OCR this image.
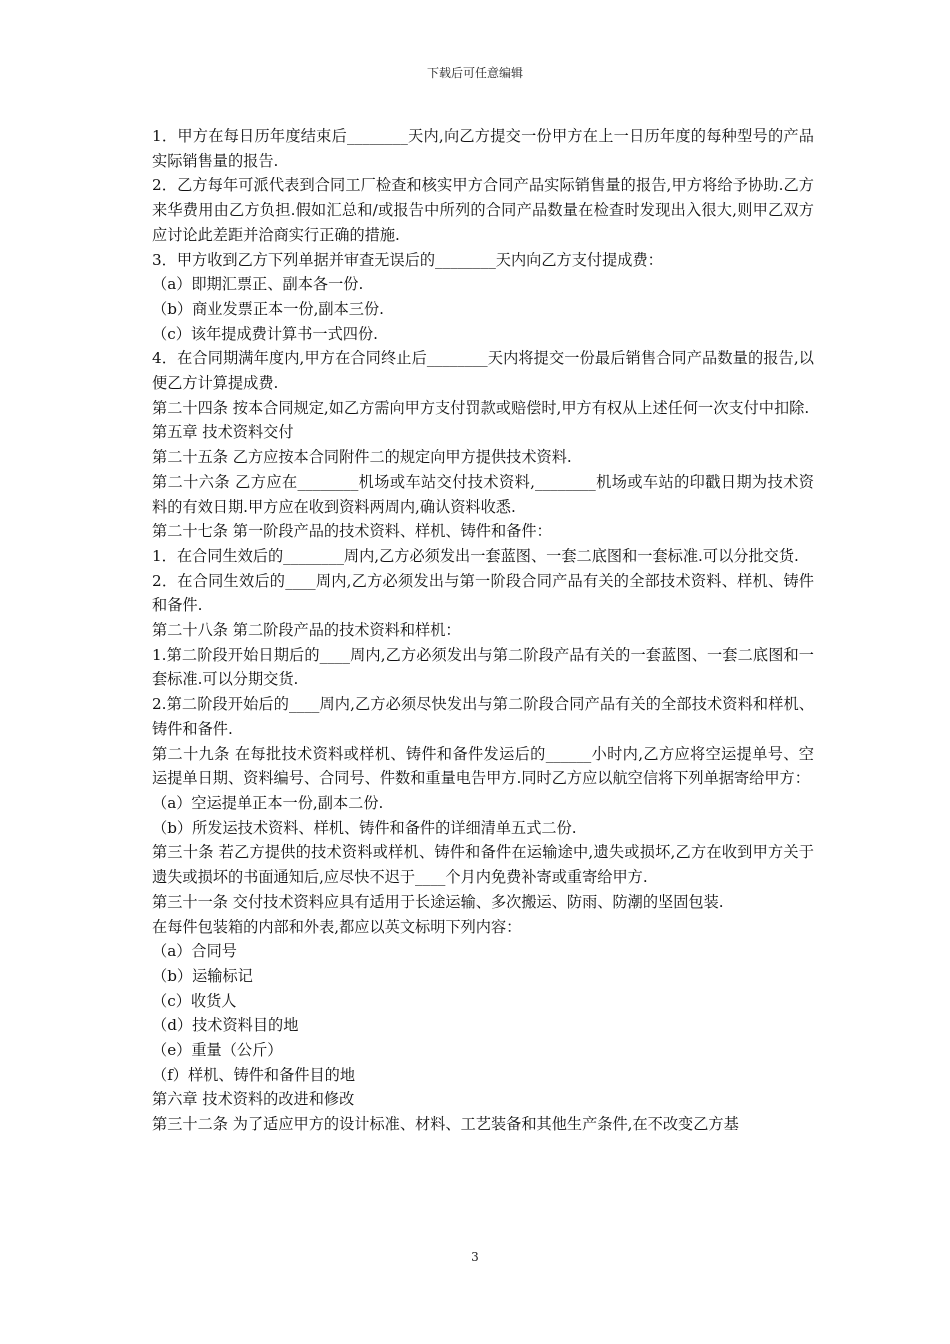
下载后可任意编辑

1．甲方在每日历年度结束后________天内,向乙方提交一份甲方在上一日历年度的每种型号的产品实际销售量的报告.

2．乙方每年可派代表到合同工厂检查和核实甲方合同产品实际销售量的报告,甲方将给予协助.乙方来华费用由乙方负担.假如汇总和/或报告中所列的合同产品数量在检查时发现出入很大,则甲乙双方应讨论此差距并洽商实行正确的措施.

3．甲方收到乙方下列单据并审查无误后的________天内向乙方支付提成费：

（a）即期汇票正、副本各一份.

（b）商业发票正本一份,副本三份.

（c）该年提成费计算书一式四份.

4．在合同期满年度内,甲方在合同终止后________天内将提交一份最后销售合同产品数量的报告,以便乙方计算提成费.

第二十四条 按本合同规定,如乙方需向甲方支付罚款或赔偿时,甲方有权从上述任何一次支付中扣除.

第五章 技术资料交付

第二十五条 乙方应按本合同附件二的规定向甲方提供技术资料.

第二十六条 乙方应在________机场或车站交付技术资料,________机场或车站的印戳日期为技术资料的有效日期.甲方应在收到资料两周内,确认资料收悉.

第二十七条 第一阶段产品的技术资料、样机、铸件和备件：

1．在合同生效后的________周内,乙方必须发出一套蓝图、一套二底图和一套标准.可以分批交货.

2．在合同生效后的____周内,乙方必须发出与第一阶段合同产品有关的全部技术资料、样机、铸件和备件.

第二十八条 第二阶段产品的技术资料和样机：

1.第二阶段开始日期后的____周内,乙方必须发出与第二阶段产品有关的一套蓝图、一套二底图和一套标准.可以分期交货.

2.第二阶段开始后的____周内,乙方必须尽快发出与第二阶段合同产品有关的全部技术资料和样机、铸件和备件.

第二十九条 在每批技术资料或样机、铸件和备件发运后的______小时内,乙方应将空运提单号、空运提单日期、资料编号、合同号、件数和重量电告甲方.同时乙方应以航空信将下列单据寄给甲方：

（a）空运提单正本一份,副本二份.

（b）所发运技术资料、样机、铸件和备件的详细清单五式二份.

第三十条 若乙方提供的技术资料或样机、铸件和备件在运输途中,遗失或损坏,乙方在收到甲方关于遗失或损坏的书面通知后,应尽快不迟于____个月内免费补寄或重寄给甲方.

第三十一条 交付技术资料应具有适用于长途运输、多次搬运、防雨、防潮的坚固包装.

在每件包装箱的内部和外表,都应以英文标明下列内容：

（a）合同号

（b）运输标记

（c）收货人

（d）技术资料目的地

（e）重量（公斤）

（f）样机、铸件和备件目的地

第六章 技术资料的改进和修改

第三十二条 为了适应甲方的设计标准、材料、工艺装备和其他生产条件,在不改变乙方基

3
